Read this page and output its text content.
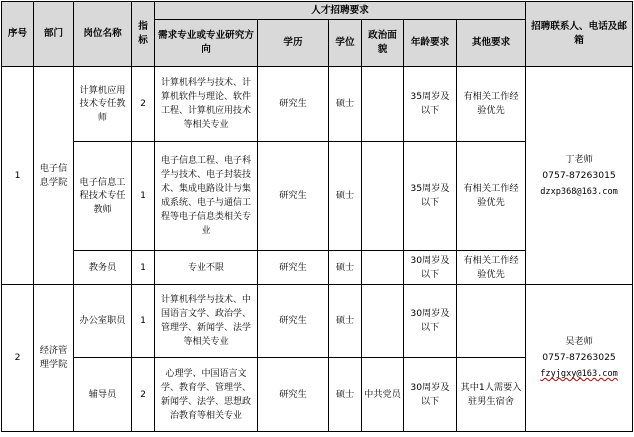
序号	部门	岗位名称	指标	人才招聘要求						招聘联系人、电话及邮箱
				需求专业或专业研究方向	学历	学位	政治面貌	年龄要求	其他要求	
1	电子信息学院	计算机应用技术专任教师	2	计算机科学与技术、计算机软件与理论、软件工程、计算机应用技术等相关专业	研究生	硕士		35周岁及以下	有相关工作经验优先	丁老师
0757-87263015
dzxp368@163.com

		电子信息工程技术专任教师	1	电子信息工程、电子科学与技术、电子封装技术、集成电路设计与集成系统、电子与通信工程等电子信息类相关专业	研究生	硕士		35周岁及以下	有相关工作经验优先	
		教务员	1	专业不限	研究生	硕士		30周岁及以下	有相关工作经验优先	
2	经济管理学院	办公室职员	1	计算机科学与技术、中国语言文学、政治学、管理学、新闻学、法学等相关专业	研究生	硕士		30周岁及以下		吴老师
0757-87263025
fzyjgxy@163.com

		辅导员	2	心理学、中国语言文学、教育学、管理学、新闻学、法学、思想政治教育等相关专业	研究生	硕士	中共党员	30周岁及以下	其中1人需要入驻男生宿舍	
